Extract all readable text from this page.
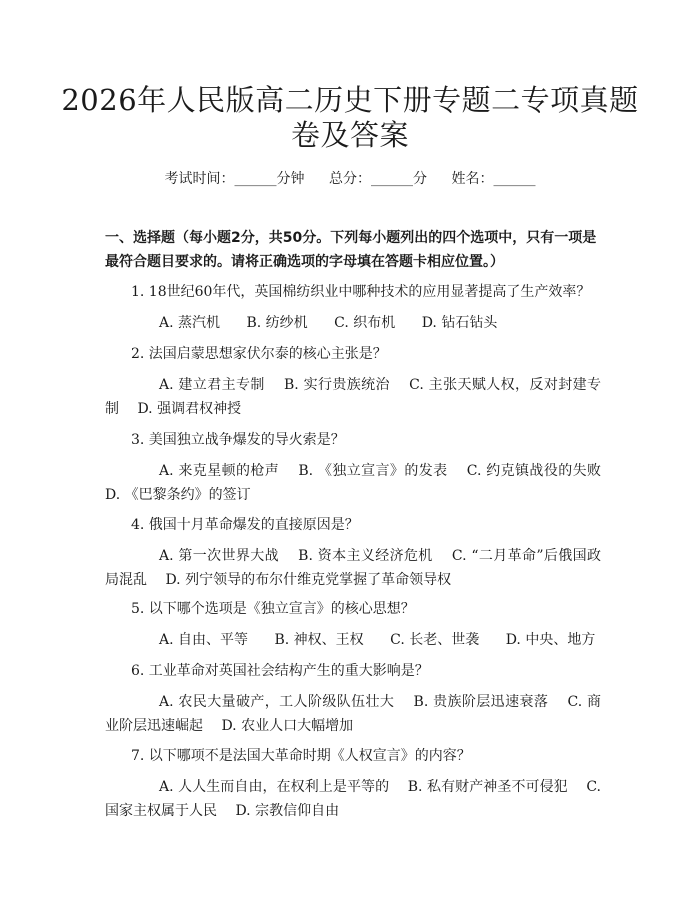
2026年人民版高二历史下册专题二专项真题
卷及答案
考试时间：______分钟 总分：______分 姓名：______
一、选择题（每小题2分，共50分。下列每小题列出的四个选项中，只有一项是最符合题目要求的。请将正确选项的字母填在答题卡相应位置。）
1. 18世纪60年代，英国棉纺织业中哪种技术的应用显著提高了生产效率？
A. 蒸汽机 B. 纺纱机 C. 织布机 D. 钻石钻头
2. 法国启蒙思想家伏尔泰的核心主张是？
A. 建立君主专制　 B. 实行贵族统治　 C. 主张天赋人权，反对封建专制　 D. 强调君权神授
3. 美国独立战争爆发的导火索是？
A. 来克星顿的枪声　 B. 《独立宣言》的发表　 C. 约克镇战役的失败　D. 《巴黎条约》的签订
4. 俄国十月革命爆发的直接原因是？
A. 第一次世界大战　 B. 资本主义经济危机　 C. “二月革命”后俄国政局混乱　 D. 列宁领导的布尔什维克党掌握了革命领导权
5. 以下哪个选项是《独立宣言》的核心思想？
A. 自由、平等 B. 神权、王权 C. 长老、世袭 D. 中央、地方
6. 工业革命对英国社会结构产生的重大影响是？
A. 农民大量破产，工人阶级队伍壮大　 B. 贵族阶层迅速衰落　 C. 商业阶层迅速崛起　 D. 农业人口大幅增加
7. 以下哪项不是法国大革命时期《人权宣言》的内容？
A. 人人生而自由，在权利上是平等的　 B. 私有财产神圣不可侵犯　 C. 国家主权属于人民　 D. 宗教信仰自由
